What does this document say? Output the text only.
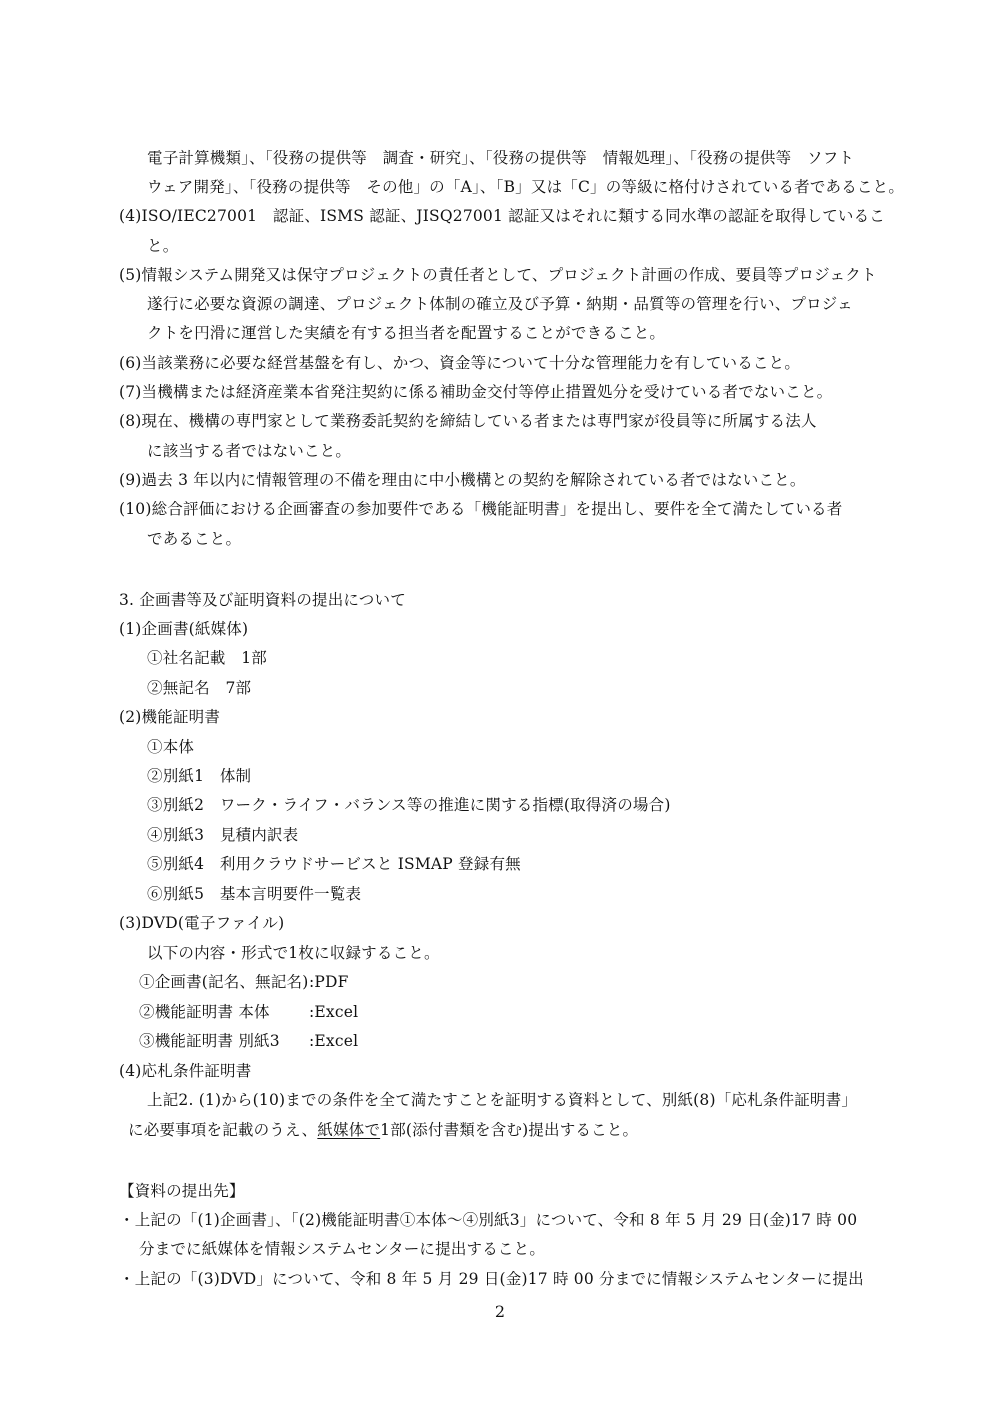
電子計算機類」、「役務の提供等　調査・研究」、「役務の提供等　情報処理」、「役務の提供等　ソフト
ウェア開発」、「役務の提供等　その他」の「A」、「B」又は「C」の等級に格付けされている者であること。
(4)ISO/IEC27001　認証、ISMS 認証、JISQ27001 認証又はそれに類する同水準の認証を取得しているこ
と。
(5)情報システム開発又は保守プロジェクトの責任者として、プロジェクト計画の作成、要員等プロジェクト
遂行に必要な資源の調達、プロジェクト体制の確立及び予算・納期・品質等の管理を行い、プロジェ
クトを円滑に運営した実績を有する担当者を配置することができること。
(6)当該業務に必要な経営基盤を有し、かつ、資金等について十分な管理能力を有していること。
(7)当機構または経済産業本省発注契約に係る補助金交付等停止措置処分を受けている者でないこと。
(8)現在、機構の専門家として業務委託契約を締結している者または専門家が役員等に所属する法人
に該当する者ではないこと。
(9)過去 3 年以内に情報管理の不備を理由に中小機構との契約を解除されている者ではないこと。
(10)総合評価における企画審査の参加要件である「機能証明書」を提出し、要件を全て満たしている者
であること。
3. 企画書等及び証明資料の提出について
(1)企画書(紙媒体)
①社名記載　1部
②無記名　7部
(2)機能証明書
①本体
②別紙1　体制
③別紙2　ワーク・ライフ・バランス等の推進に関する指標(取得済の場合)
④別紙3　見積内訳表
⑤別紙4　利用クラウドサービスと ISMAP 登録有無
⑥別紙5　基本言明要件一覧表
(3)DVD(電子ファイル)
以下の内容・形式で1枚に収録すること。
①企画書(記名、無記名):PDF
②機能証明書 本体	:Excel
③機能証明書 別紙3 :Excel
(4)応札条件証明書
上記2. (1)から(10)までの条件を全て満たすことを証明する資料として、別紙(8)「応札条件証明書」
に必要事項を記載のうえ、紙媒体で1部(添付書類を含む)提出すること。
【資料の提出先】
・上記の「(1)企画書」、「(2)機能証明書①本体～④別紙3」について、令和 8 年 5 月 29 日(金)17 時 00
分までに紙媒体を情報システムセンターに提出すること。
・上記の「(3)DVD」について、令和 8 年 5 月 29 日(金)17 時 00 分までに情報システムセンターに提出
2
